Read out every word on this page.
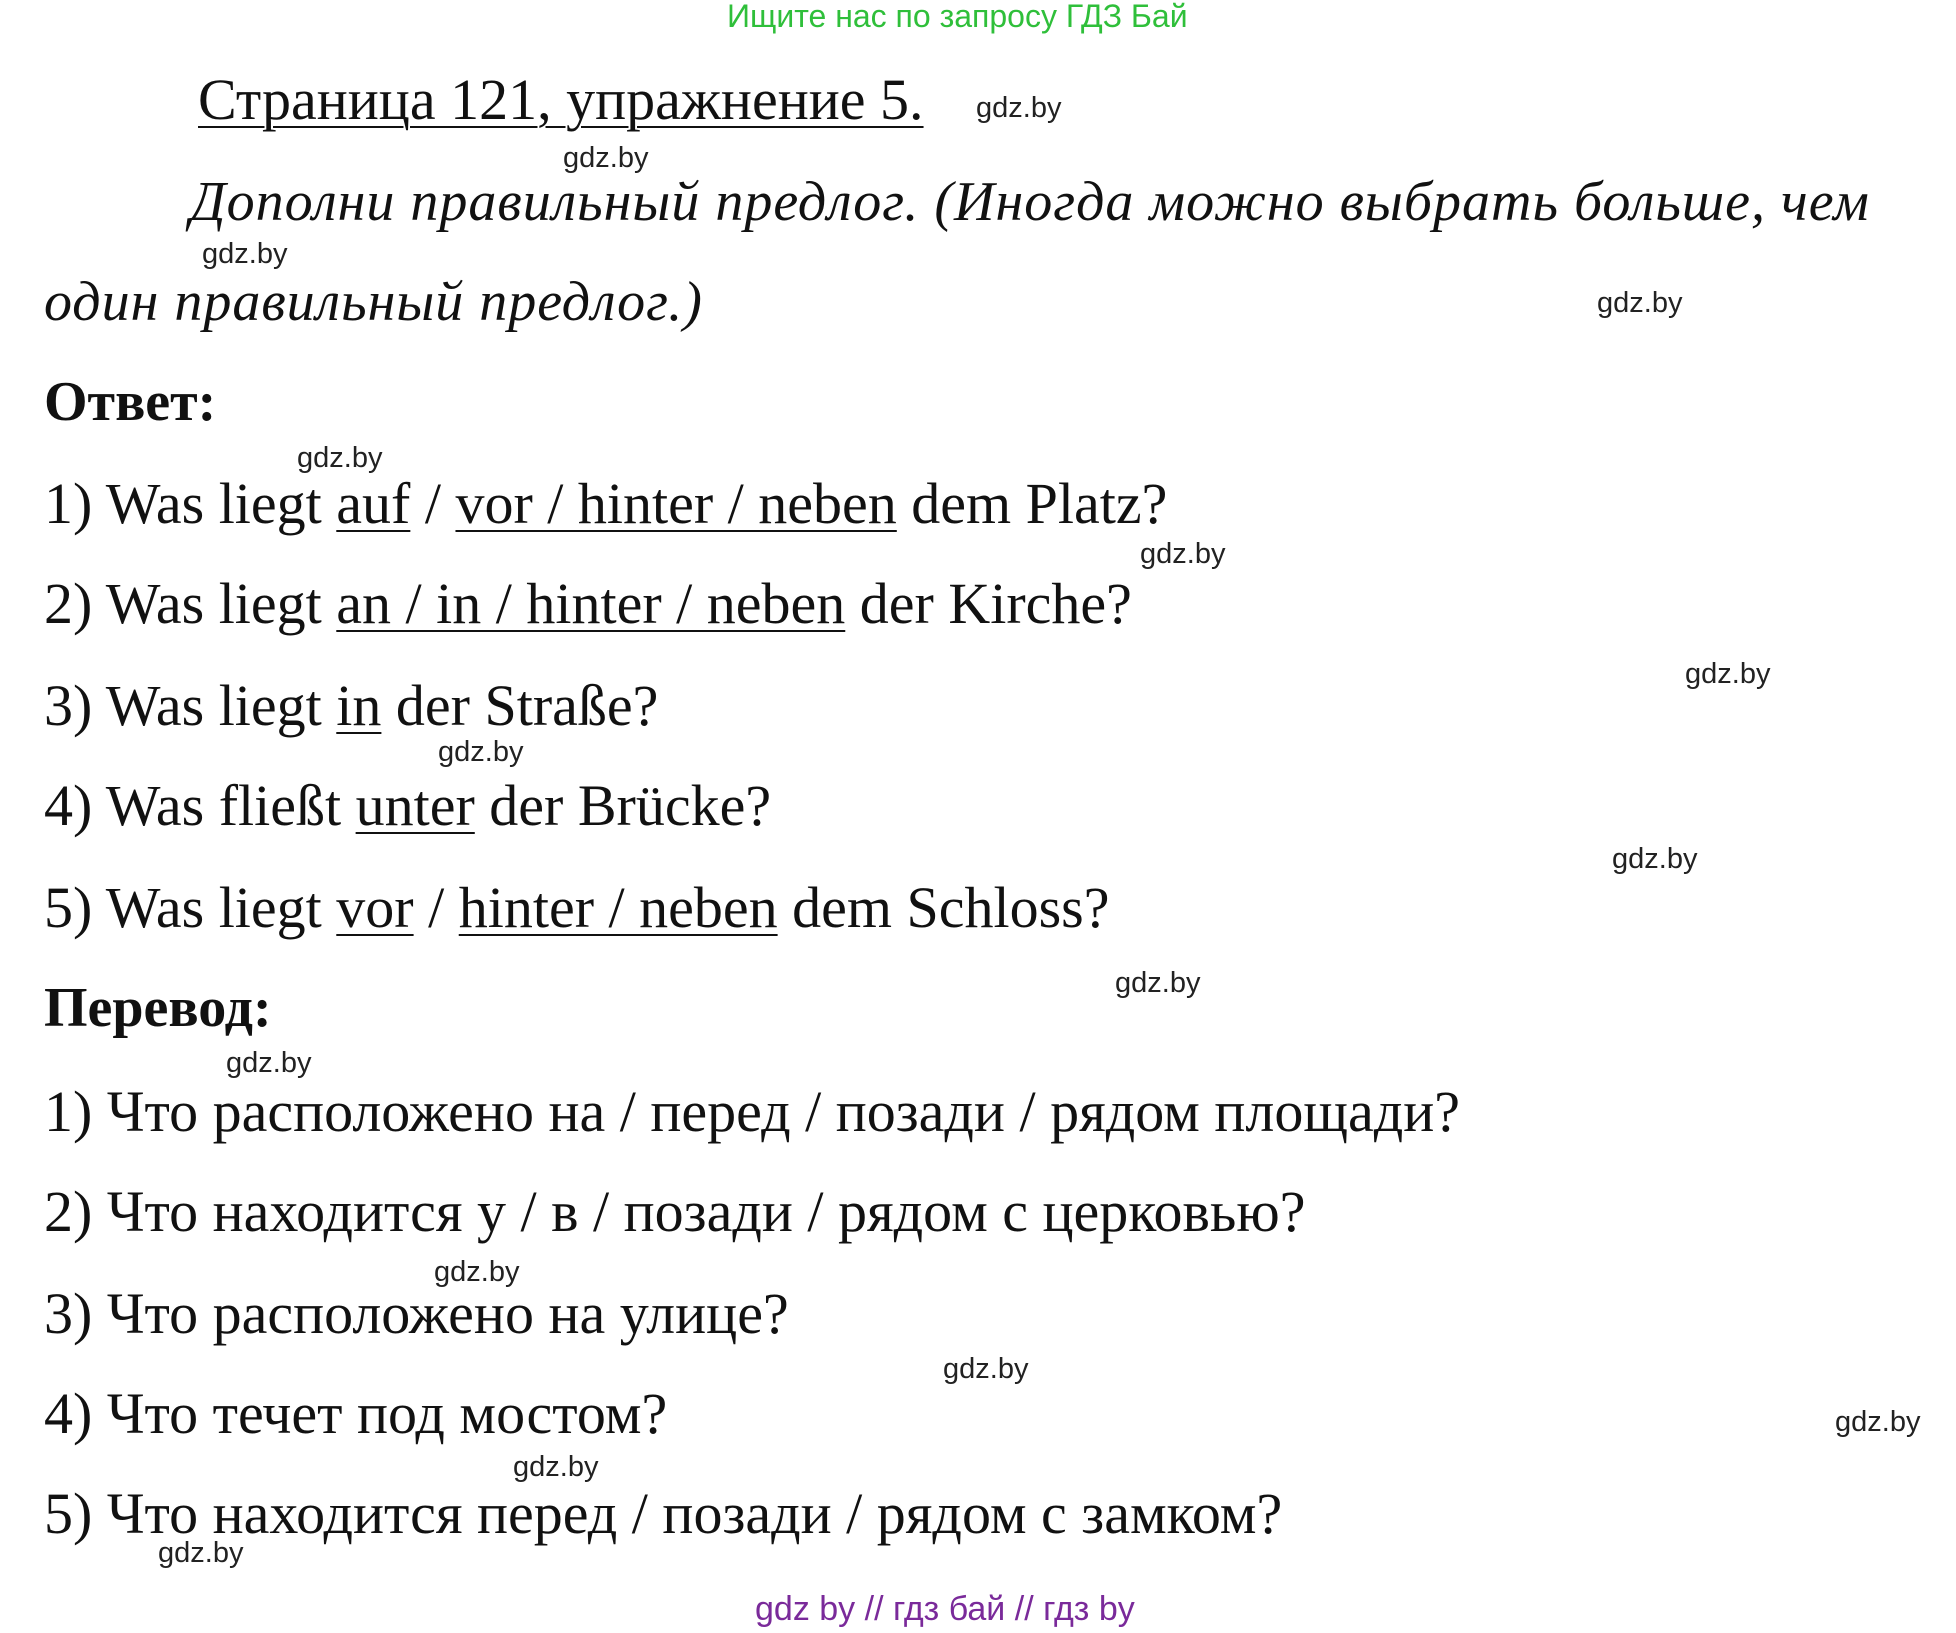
Ищите нас по запросу ГДЗ Бай
Страница 121, упражнение 5.
Дополни правильный предлог. (Иногда можно выбрать больше, чем
один правильный предлог.)
Ответ:
1) Was liegt auf / vor / hinter / neben dem Platz?
2) Was liegt an / in / hinter / neben der Kirche?
3) Was liegt in der Straße?
4) Was fließt unter der Brücke?
5) Was liegt vor / hinter / neben dem Schloss?
Перевод:
1) Что расположено на / перед / позади / рядом площади?
2) Что находится у / в / позади / рядом с церковью?
3) Что расположено на улице?
4) Что течет под мостом?
5) Что находится перед / позади / рядом с замком?
gdz.by
gdz.by
gdz.by
gdz.by
gdz.by
gdz.by
gdz.by
gdz.by
gdz.by
gdz.by
gdz.by
gdz.by
gdz.by
gdz.by
gdz.by
gdz.by
gdz by // гдз бай // гдз by
